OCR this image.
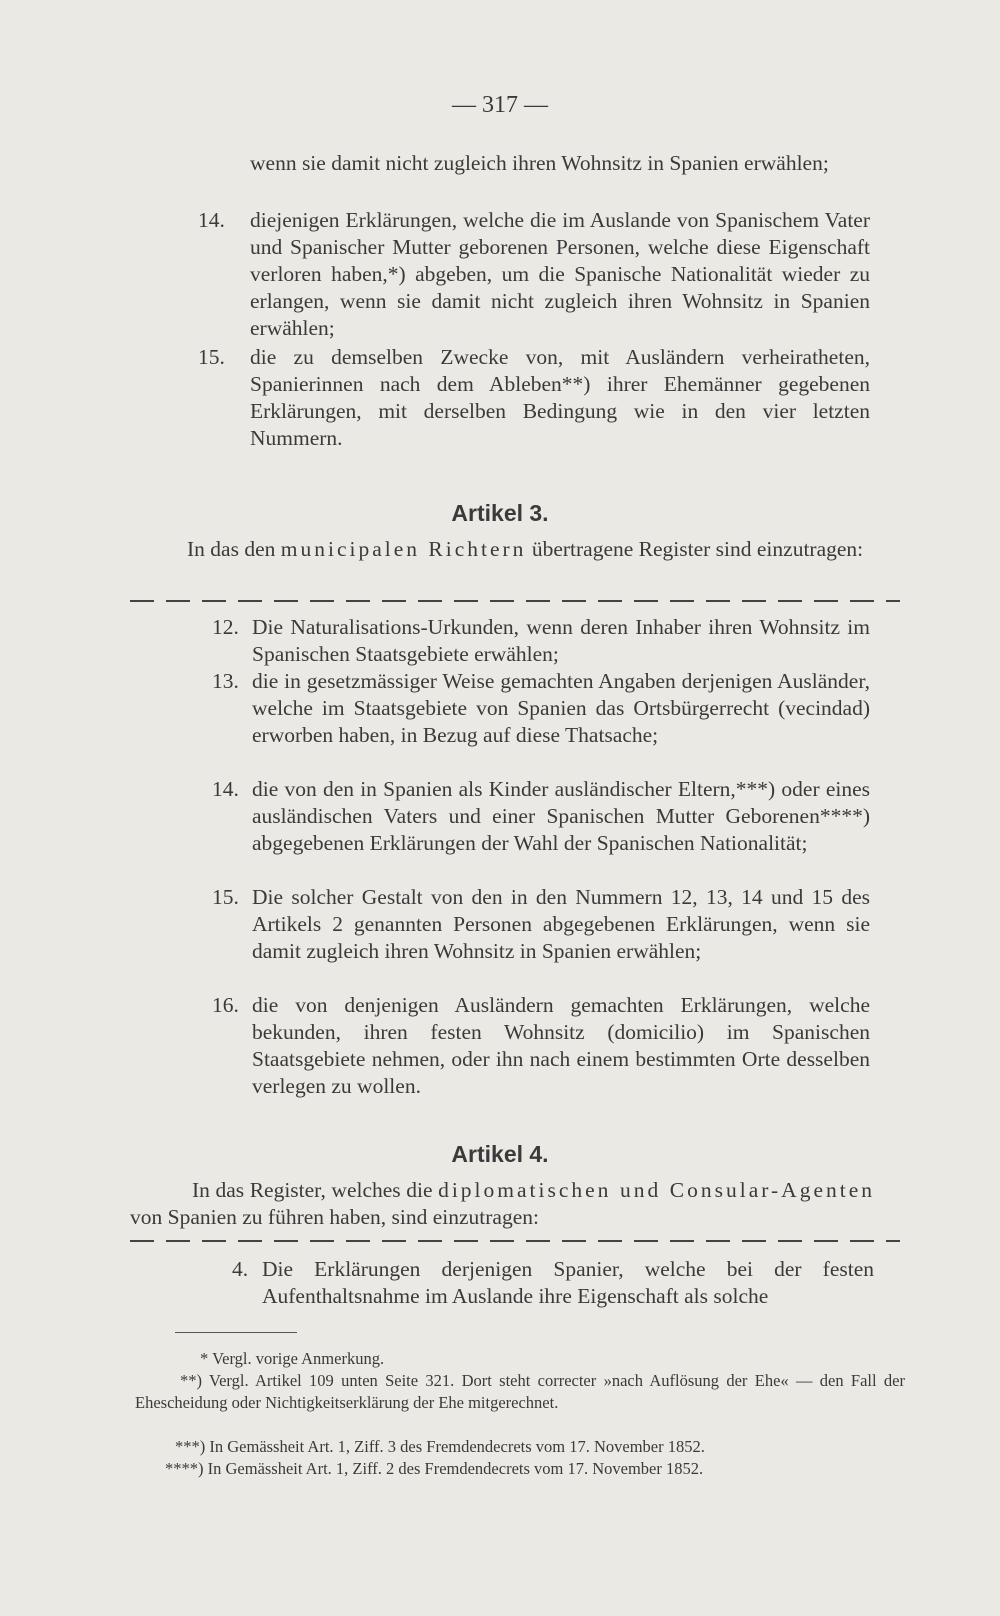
— 317 —
wenn sie damit nicht zugleich ihren Wohnsitz in Spanien erwählen;
14. diejenigen Erklärungen, welche die im Auslande von Spanischem Vater und Spanischer Mutter geborenen Personen, welche diese Eigenschaft verloren haben,*) abgeben, um die Spanische Nationalität wieder zu erlangen, wenn sie damit nicht zugleich ihren Wohnsitz in Spanien erwählen;
15. die zu demselben Zwecke von, mit Ausländern verheiratheten, Spanierinnen nach dem Ableben**) ihrer Ehemänner gegebenen Erklärungen, mit derselben Bedingung wie in den vier letzten Nummern.
Artikel 3.
In das den municipalen Richtern übertragene Register sind einzutragen:
12. Die Naturalisations-Urkunden, wenn deren Inhaber ihren Wohnsitz im Spanischen Staatsgebiete erwählen;
13. die in gesetzmässiger Weise gemachten Angaben derjenigen Ausländer, welche im Staatsgebiete von Spanien das Ortsbürgerrecht (vecindad) erworben haben, in Bezug auf diese Thatsache;
14. die von den in Spanien als Kinder ausländischer Eltern,***) oder eines ausländischen Vaters und einer Spanischen Mutter Geborenen****) abgegebenen Erklärungen der Wahl der Spanischen Nationalität;
15. Die solcher Gestalt von den in den Nummern 12, 13, 14 und 15 des Artikels 2 genannten Personen abgegebenen Erklärungen, wenn sie damit zugleich ihren Wohnsitz in Spanien erwählen;
16. die von denjenigen Ausländern gemachten Erklärungen, welche bekunden, ihren festen Wohnsitz (domicilio) im Spanischen Staatsgebiete nehmen, oder ihn nach einem bestimmten Orte desselben verlegen zu wollen.
Artikel 4.
In das Register, welches die diplomatischen und Consular-Agenten von Spanien zu führen haben, sind einzutragen:
4. Die Erklärungen derjenigen Spanier, welche bei der festen Aufenthaltsnahme im Auslande ihre Eigenschaft als solche
* Vergl. vorige Anmerkung.
**) Vergl. Artikel 109 unten Seite 321. Dort steht correcter »nach Auflösung der Ehe« — den Fall der Ehescheidung oder Nichtigkeitserklärung der Ehe mitgerechnet.
***) In Gemässheit Art. 1, Ziff. 3 des Fremdendecrets vom 17. November 1852.
****) In Gemässheit Art. 1, Ziff. 2 des Fremdendecrets vom 17. November 1852.
